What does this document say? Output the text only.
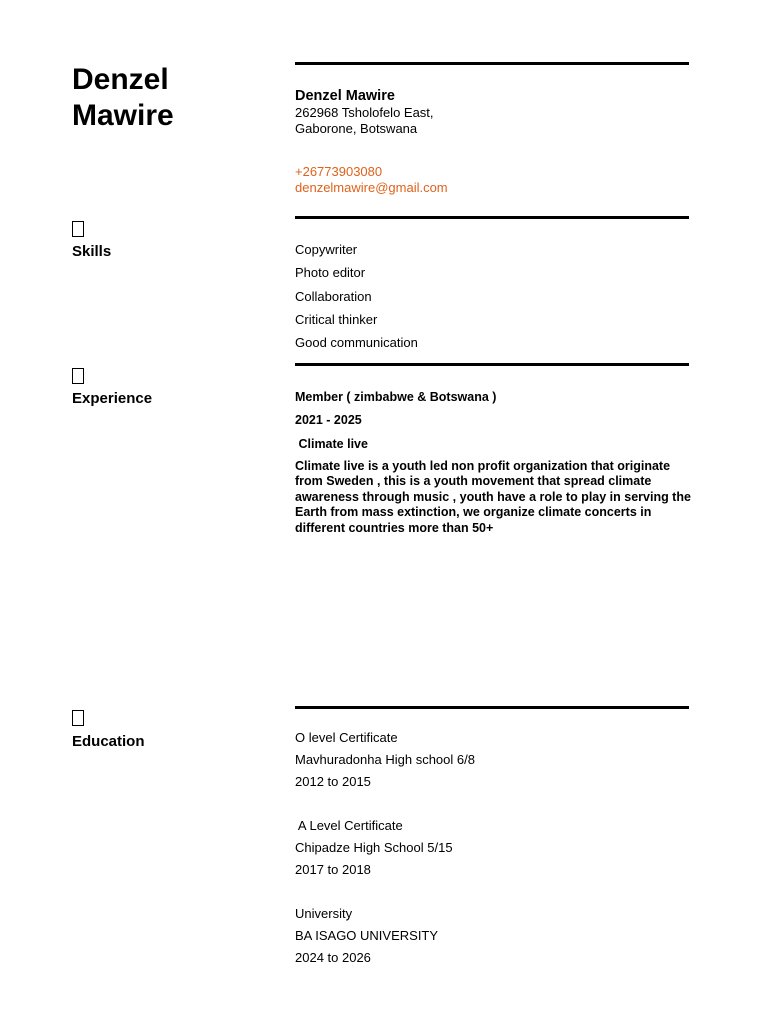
Denzel
Mawire
Denzel Mawire
262968 Tsholofelo East,
Gaborone, Botswana
+26773903080
denzelmawire@gmail.com
Skills	Copywriter
Photo editor
Collaboration
Critical thinker
Good communication
Experience	Member ( zimbabwe & Botswana )
2021 - 2025
Climate live
Climate live is a youth led non profit organization that originate from Sweden , this is a youth movement that spread climate awareness through music , youth have a role to play in serving the Earth from mass extinction, we organize climate concerts in different countries more than 50+
Education	O level Certificate
Mavhuradonha High school 6/8
2012 to 2015
A Level Certificate
Chipadze High School 5/15
2017 to 2018
University
BA ISAGO UNIVERSITY
2024 to 2026
